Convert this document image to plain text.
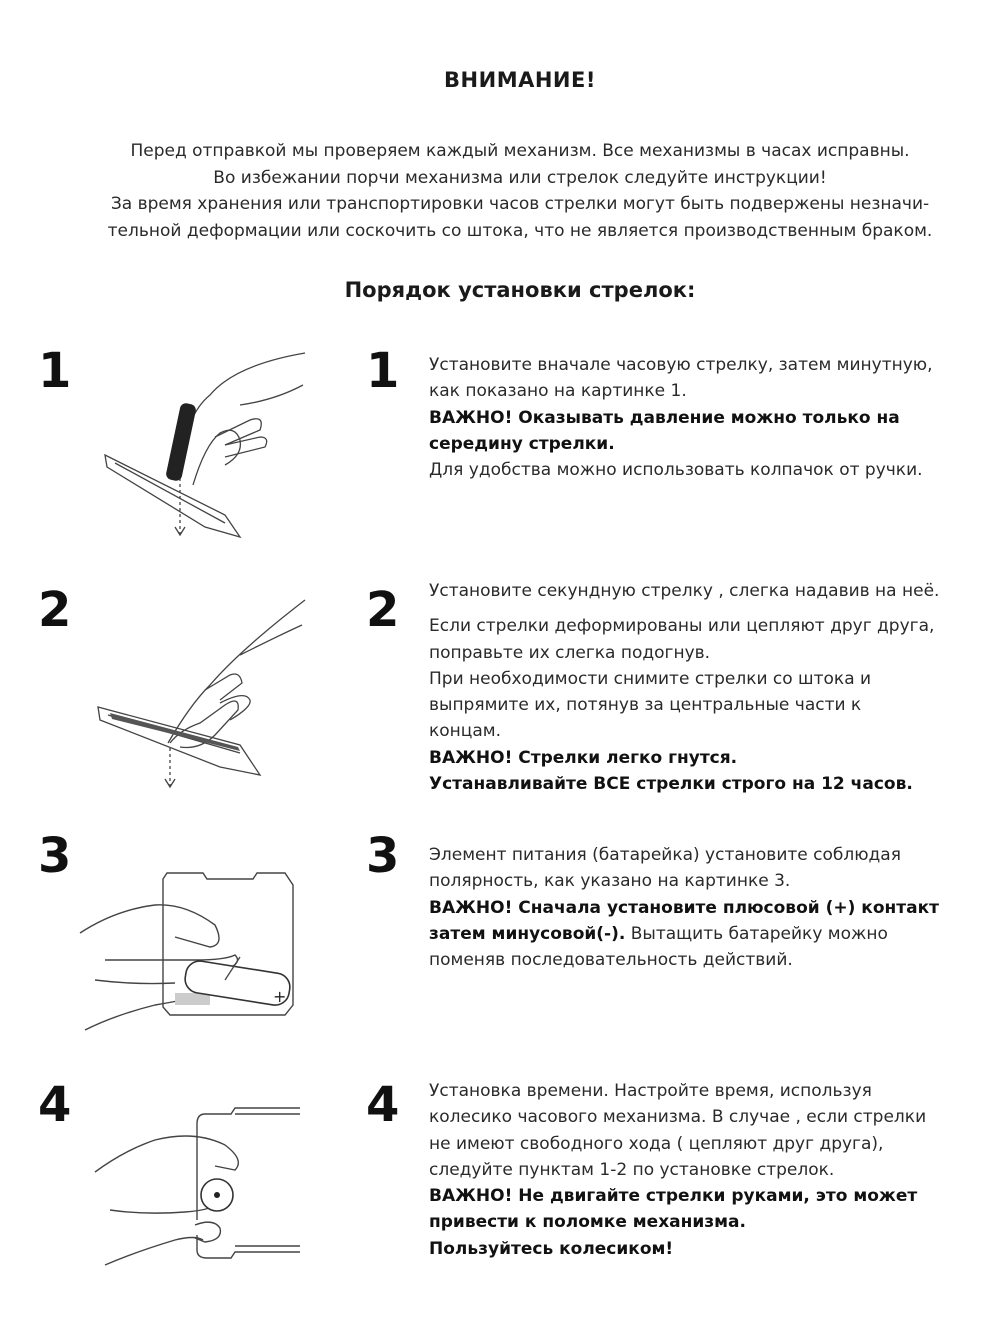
ВНИМАНИЕ!
Перед отправкой мы проверяем каждый механизм. Все механизмы в часах исправны.
Во избежании порчи механизма или стрелок следуйте инструкции!
За время хранения или транспортировки часов стрелки могут быть подвержены незначи-
тельной деформации или соскочить со штока, что не является производственным браком.
Порядок установки стрелок:
1	1 Установите вначале часовую стрелку, затем минутную,
как показано на картинке 1.
ВАЖНО! Оказывать давление можно только на
середину стрелки.
Для удобства можно использовать колпачок от ручки.
2	2 Установите секундную стрелку , слегка надавив на неё.
Если стрелки деформированы или цепляют друг друга,
поправьте их слегка подогнув.
При необходимости снимите стрелки со штока и
выпрямите их, потянув за центральные части к
концам.
ВАЖНО! Стрелки легко гнутся.
Устанавливайте ВСЕ стрелки строго на 12 часов.
3
+
3 Элемент питания (батарейка) установите соблюдая
полярность, как указано на картинке 3.
ВАЖНО! Сначала установите плюсовой (+) контакт
затем минусовой(-). Вытащить батарейку можно
поменяв последовательность действий.
4	4 Установка времени. Настройте время, используя
колесико часового механизма. В случае , если стрелки
не имеют свободного хода ( цепляют друг друга),
следуйте пунктам 1-2 по установке стрелок.
ВАЖНО! Не двигайте стрелки руками, это может
привести к поломке механизма.
Пользуйтесь колесиком!
